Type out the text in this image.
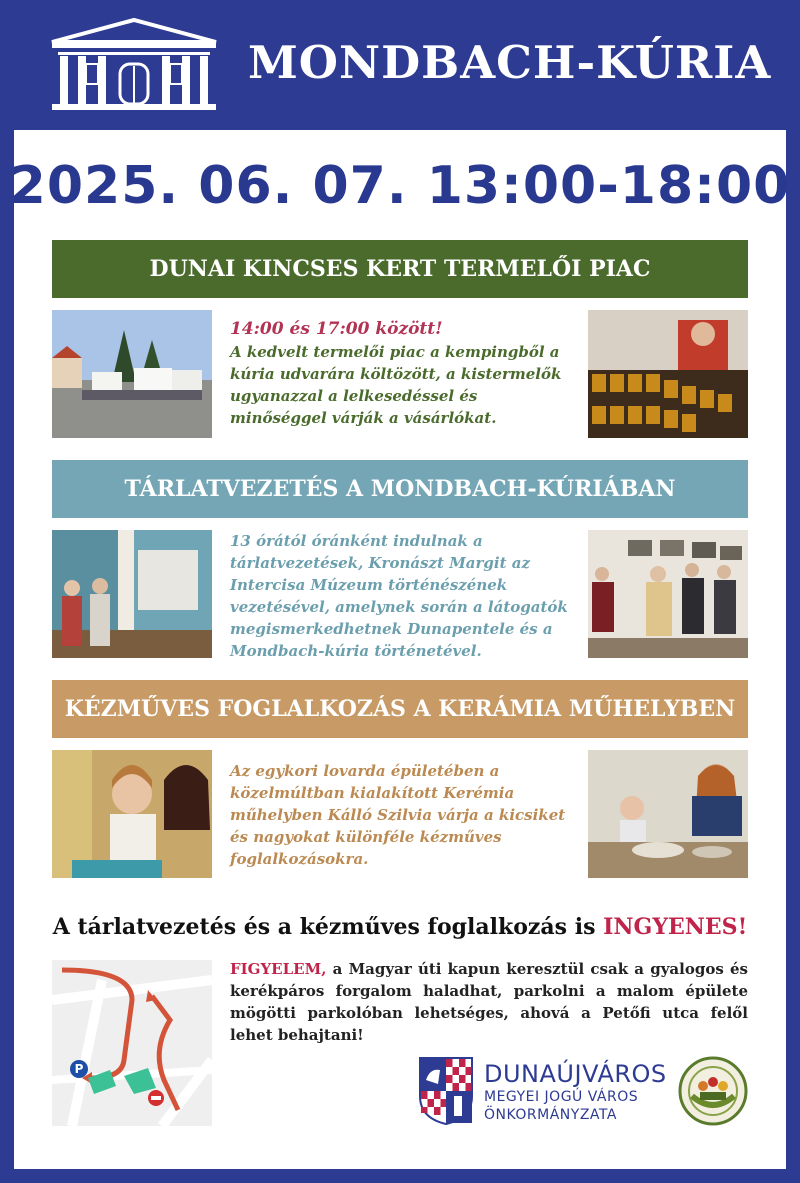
MONDBACH-KÚRIA
2025. 06. 07. 13:00-18:00
DUNAI KINCSES KERT TERMELŐI PIAC
14:00 és 17:00 között!
A kedvelt termelői piac a kempingből a kúria udvarára költözött, a kistermelők ugyanazzal a lelkesedéssel és minőséggel várják a vásárlókat.
TÁRLATVEZETÉS A MONDBACH-KÚRIÁBAN
13 órától óránként indulnak a tárlatvezetések, Kronászt Margit az Intercisa Múzeum történészének vezetésével, amelynek során a látogatók megismerkedhetnek Dunapentele és a Mondbach-kúria történetével.
KÉZMŰVES FOGLALKOZÁS A KERÁMIA MŰHELYBEN
Az egykori lovarda épületében a közelmúltban kialakított Kerémia műhelyben Kálló Szilvia várja a kicsiket és nagyokat különféle kézműves foglalkozásokra.
A tárlatvezetés és a kézműves foglalkozás is INGYENES!
P
FIGYELEM, a Magyar úti kapun keresztül csak a gyalogos és kerékpáros forgalom haladhat, parkolni a malom épülete mögötti parkolóban lehetséges, ahová a Petőfi utca felől lehet behajtani!
DUNAÚJVÁROS
MEGYEI JOGÚ VÁROS
ÖNKORMÁNYZATA
